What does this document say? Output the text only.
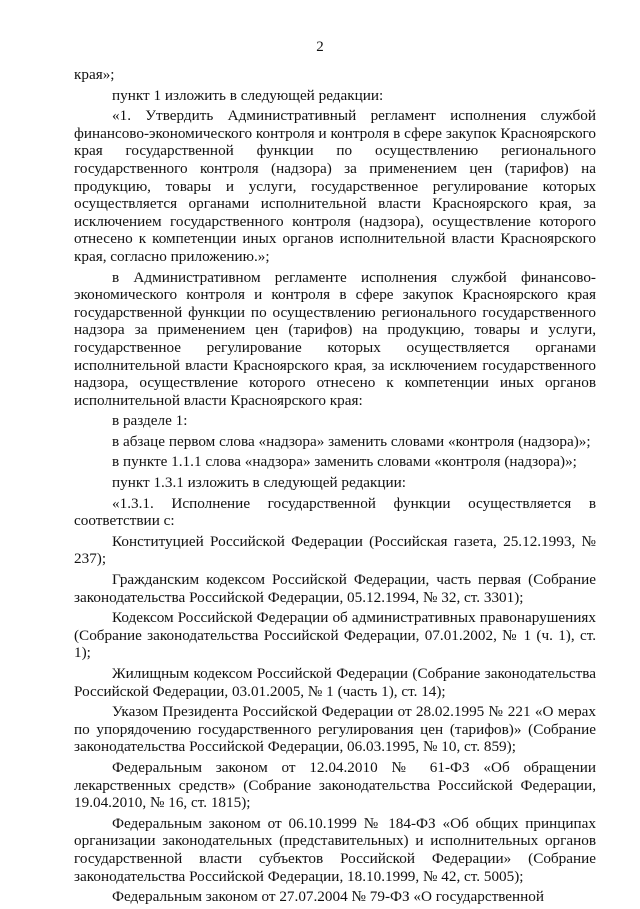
2

края»;

пункт 1 изложить в следующей редакции:

«1. Утвердить Административный регламент исполнения службой финансово-экономического контроля и контроля в сфере закупок Красноярского края государственной функции по осуществлению регионального государственного контроля (надзора) за применением цен (тарифов) на продукцию, товары и услуги, государственное регулирование которых осуществляется органами исполнительной власти Красноярского края, за исключением государственного контроля (надзора), осуществление которого отнесено к компетенции иных органов исполнительной власти Красноярского края, согласно приложению.»;

в Административном регламенте исполнения службой финансово-экономического контроля и контроля в сфере закупок Красноярского края государственной функции по осуществлению регионального государственного надзора за применением цен (тарифов) на продукцию, товары и услуги, государственное регулирование которых осуществляется органами исполнительной власти Красноярского края, за исключением государственного надзора, осуществление которого отнесено к компетенции иных органов исполнительной власти Красноярского края:

в разделе 1:

в абзаце первом слова «надзора» заменить словами «контроля (надзора)»;

в пункте 1.1.1 слова «надзора» заменить словами «контроля (надзора)»;

пункт 1.3.1 изложить в следующей редакции:

«1.3.1. Исполнение государственной функции осуществляется в соответствии с:

Конституцией Российской Федерации (Российская газета, 25.12.1993, № 237);

Гражданским кодексом Российской Федерации, часть первая (Собрание законодательства Российской Федерации, 05.12.1994, № 32, ст. 3301);

Кодексом Российской Федерации об административных правонарушениях (Собрание законодательства Российской Федерации, 07.01.2002, № 1 (ч. 1), ст. 1);

Жилищным кодексом Российской Федерации (Собрание законодательства Российской Федерации, 03.01.2005, № 1 (часть 1), ст. 14);

Указом Президента Российской Федерации от 28.02.1995 № 221 «О мерах по упорядочению государственного регулирования цен (тарифов)» (Собрание законодательства Российской Федерации, 06.03.1995, № 10, ст. 859);

Федеральным законом от 12.04.2010 № 61-ФЗ «Об обращении лекарственных средств» (Собрание законодательства Российской Федерации, 19.04.2010, № 16, ст. 1815);

Федеральным законом от 06.10.1999 № 184-ФЗ «Об общих принципах организации законодательных (представительных) и исполнительных органов государственной власти субъектов Российской Федерации» (Собрание законодательства Российской Федерации, 18.10.1999, № 42, ст. 5005);

Федеральным законом от 27.07.2004 № 79-ФЗ «О государственной
